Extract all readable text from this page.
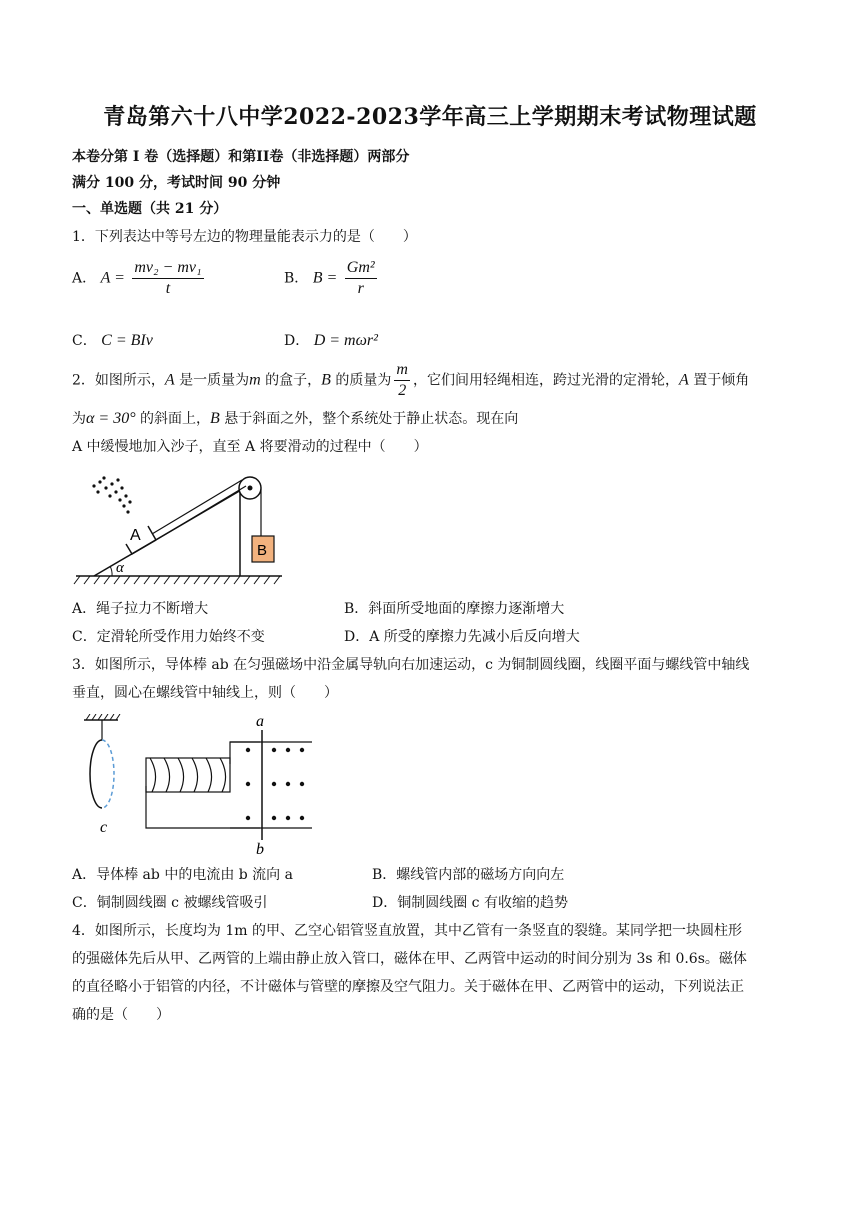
青岛第六十八中学2022-2023学年高三上学期期末考试物理试题
本卷分第 I 卷（选择题）和第II卷（非选择题）两部分
满分 100 分，考试时间 90 分钟
一、单选题（共 21 分）
1．下列表达中等号左边的物理量能表示力的是（　　）
A． $A = \frac{\text{mv₂ − mv₁}}{t}$	B． $B = \frac{\text{Gm²}}{r}$
C． C = BIv	D． D = mωr²
2．如图所示，A 是一质量为m 的盒子，B 的质量为 $\frac{m}{2}$ ，它们间用轻绳相连，跨过光滑的定滑轮，A 置于倾角
为α = 30° 的斜面上，B 悬于斜面之外，整个系统处于静止状态。现在向
A 中缓慢地加入沙子，直至 A 将要滑动的过程中（　　）
A
B
α
A．绳子拉力不断增大	B．斜面所受地面的摩擦力逐渐增大
C．定滑轮所受作用力始终不变	D．A 所受的摩擦力先减小后反向增大
3．如图所示，导体棒 ab 在匀强磁场中沿金属导轨向右加速运动，c 为铜制圆线圈，线圈平面与螺线管中轴线
垂直，圆心在螺线管中轴线上，则（　　）
c
a
b
A．导体棒 ab 中的电流由 b 流向 a	B．螺线管内部的磁场方向向左
C．铜制圆线圈 c 被螺线管吸引	D．铜制圆线圈 c 有收缩的趋势
4．如图所示，长度均为 1m 的甲、乙空心铝管竖直放置，其中乙管有一条竖直的裂缝。某同学把一块圆柱形
的强磁体先后从甲、乙两管的上端由静止放入管口，磁体在甲、乙两管中运动的时间分别为 3s 和 0.6s。磁体
的直径略小于铝管的内径，不计磁体与管壁的摩擦及空气阻力。关于磁体在甲、乙两管中的运动，下列说法正
确的是（　　）
